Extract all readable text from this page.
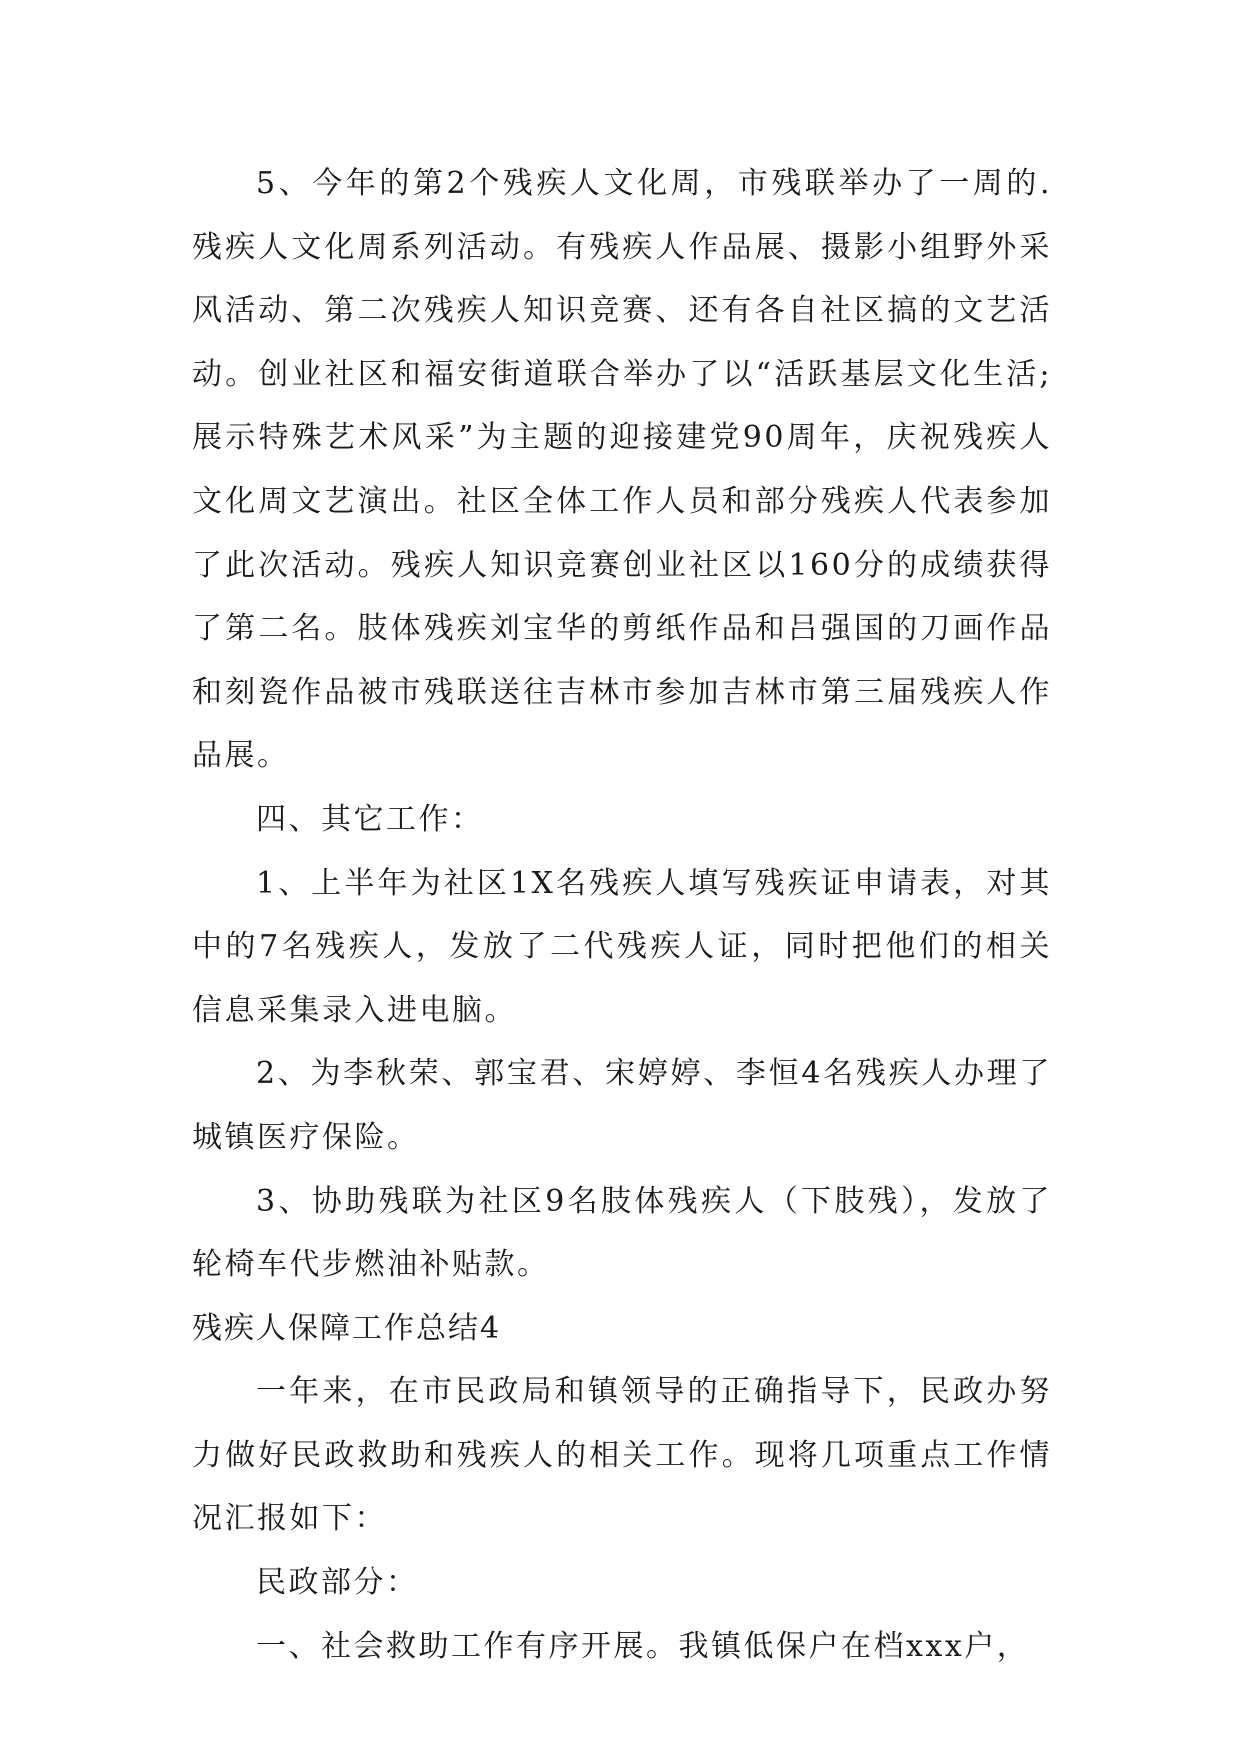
5、今年的第2个残疾人文化周，市残联举办了一周的.残疾人文化周系列活动。有残疾人作品展、摄影小组野外采风活动、第二次残疾人知识竞赛、还有各自社区搞的文艺活动。创业社区和福安街道联合举办了以“活跃基层文化生活;展示特殊艺术风采”为主题的迎接建党90周年，庆祝残疾人文化周文艺演出。社区全体工作人员和部分残疾人代表参加了此次活动。残疾人知识竞赛创业社区以160分的成绩获得了第二名。肢体残疾刘宝华的剪纸作品和吕强国的刀画作品和刻瓷作品被市残联送往吉林市参加吉林市第三届残疾人作品展。

四、其它工作：

1、上半年为社区1X名残疾人填写残疾证申请表，对其中的7名残疾人，发放了二代残疾人证，同时把他们的相关信息采集录入进电脑。

2、为李秋荣、郭宝君、宋婷婷、李恒4名残疾人办理了城镇医疗保险。

3、协助残联为社区9名肢体残疾人（下肢残），发放了轮椅车代步燃油补贴款。

残疾人保障工作总结4

一年来，在市民政局和镇领导的正确指导下，民政办努力做好民政救助和残疾人的相关工作。现将几项重点工作情况汇报如下：

民政部分：

一、社会救助工作有序开展。我镇低保户在档xxx户，
